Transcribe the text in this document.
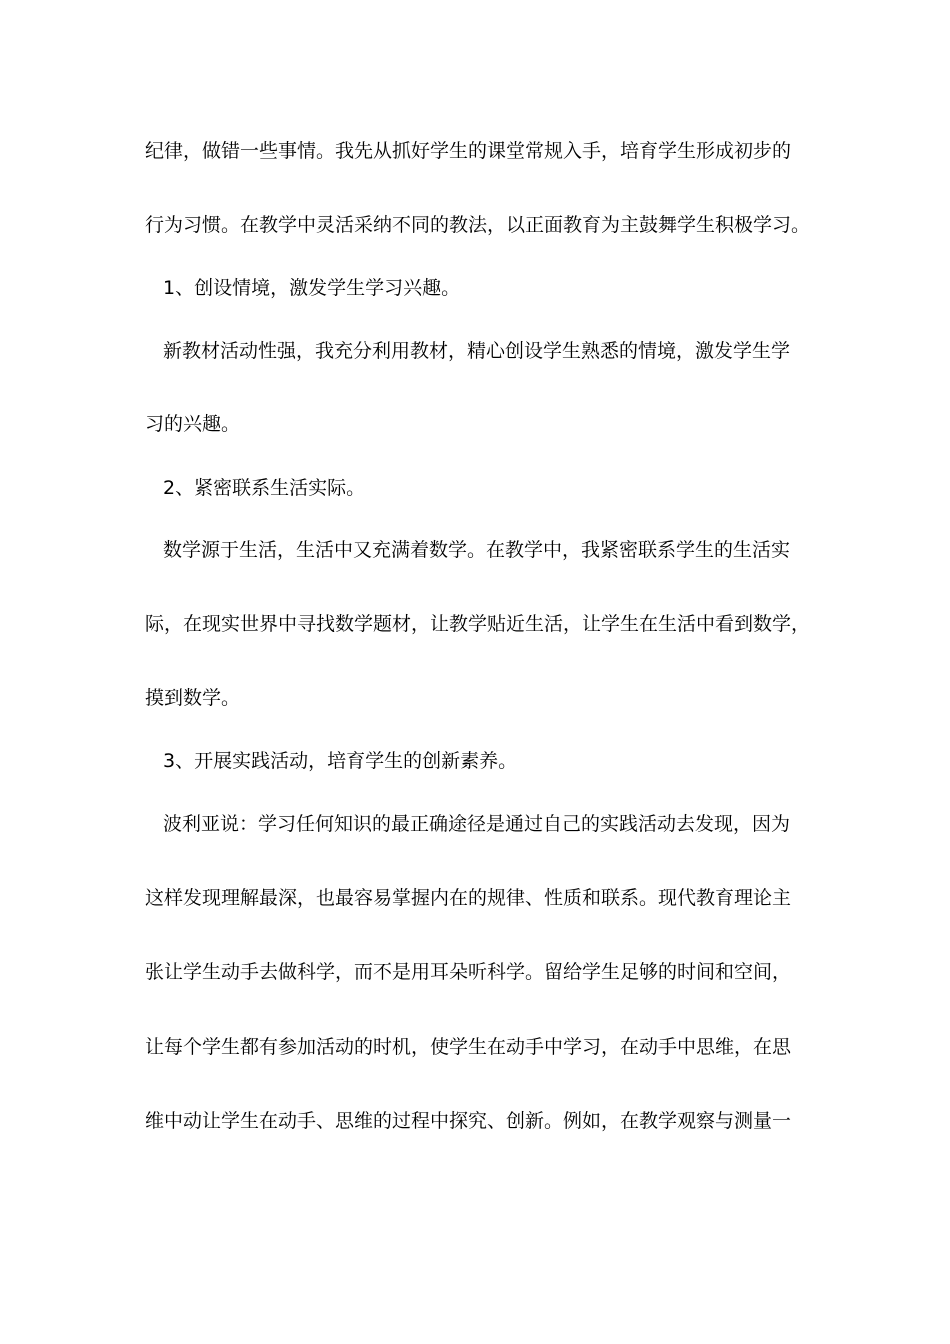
纪律，做错一些事情。我先从抓好学生的课堂常规入手，培育学生形成初步的
行为习惯。在教学中灵活采纳不同的教法，以正面教育为主鼓舞学生积极学习。
1、创设情境，激发学生学习兴趣。
新教材活动性强，我充分利用教材，精心创设学生熟悉的情境，激发学生学
习的兴趣。
2、紧密联系生活实际。
数学源于生活，生活中又充满着数学。在教学中，我紧密联系学生的生活实
际，在现实世界中寻找数学题材，让教学贴近生活，让学生在生活中看到数学，
摸到数学。
3、开展实践活动，培育学生的创新素养。
波利亚说：学习任何知识的最正确途径是通过自己的实践活动去发现，因为
这样发现理解最深，也最容易掌握内在的规律、性质和联系。现代教育理论主
张让学生动手去做科学，而不是用耳朵听科学。留给学生足够的时间和空间，
让每个学生都有参加活动的时机，使学生在动手中学习，在动手中思维，在思
维中动让学生在动手、思维的过程中探究、创新。例如，在教学观察与测量一
